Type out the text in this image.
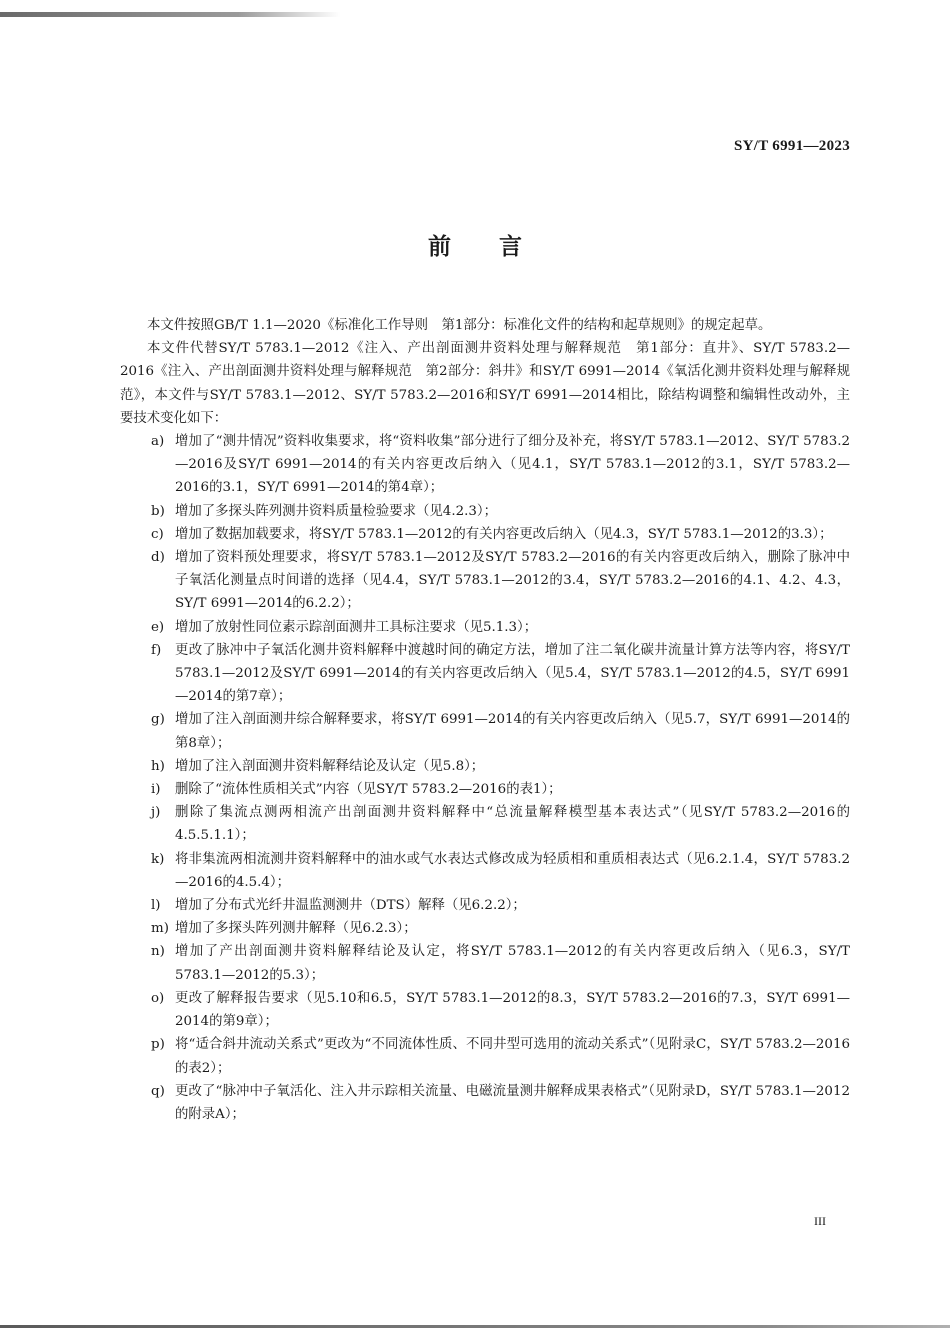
SY/T 6991—2023
前言

本文件按照GB/T 1.1—2020《标准化工作导则　第1部分：标准化文件的结构和起草规则》的规定起草。

本文件代替SY/T 5783.1—2012《注入、产出剖面测井资料处理与解释规范　第1部分：直井》、SY/T 5783.2—2016《注入、产出剖面测井资料处理与解释规范　第2部分：斜井》和SY/T 6991—2014《氧活化测井资料处理与解释规范》，本文件与SY/T 5783.1—2012、SY/T 5783.2—2016和SY/T 6991—2014相比，除结构调整和编辑性改动外，主要技术变化如下：

a) 增加了“测井情况”资料收集要求，将“资料收集”部分进行了细分及补充，将SY/T 5783.1—2012、SY/T 5783.2—2016及SY/T 6991—2014的有关内容更改后纳入（见4.1，SY/T 5783.1—2012的3.1，SY/T 5783.2—2016的3.1，SY/T 6991—2014的第4章）；
b) 增加了多探头阵列测井资料质量检验要求（见4.2.3）；
c) 增加了数据加载要求，将SY/T 5783.1—2012的有关内容更改后纳入（见4.3，SY/T 5783.1—2012的3.3）；
d) 增加了资料预处理要求，将SY/T 5783.1—2012及SY/T 5783.2—2016的有关内容更改后纳入，删除了脉冲中子氧活化测量点时间谱的选择（见4.4，SY/T 5783.1—2012的3.4，SY/T 5783.2—2016的4.1、4.2、4.3，SY/T 6991—2014的6.2.2）；
e) 增加了放射性同位素示踪剖面测井工具标注要求（见5.1.3）；
f) 更改了脉冲中子氧活化测井资料解释中渡越时间的确定方法，增加了注二氧化碳井流量计算方法等内容，将SY/T 5783.1—2012及SY/T 6991—2014的有关内容更改后纳入（见5.4，SY/T 5783.1—2012的4.5，SY/T 6991—2014的第7章）；
g) 增加了注入剖面测井综合解释要求，将SY/T 6991—2014的有关内容更改后纳入（见5.7，SY/T 6991—2014的第8章）；
h) 增加了注入剖面测井资料解释结论及认定（见5.8）；
i) 删除了“流体性质相关式”内容（见SY/T 5783.2—2016的表1）；
j) 删除了集流点测两相流产出剖面测井资料解释中“总流量解释模型基本表达式”（见SY/T 5783.2—2016的4.5.5.1.1）；
k) 将非集流两相流测井资料解释中的油水或气水表达式修改成为轻质相和重质相表达式（见6.2.1.4，SY/T 5783.2—2016的4.5.4）；
l) 增加了分布式光纤井温监测测井（DTS）解释（见6.2.2）；
m) 增加了多探头阵列测井解释（见6.2.3）；
n) 增加了产出剖面测井资料解释结论及认定，将SY/T 5783.1—2012的有关内容更改后纳入（见6.3，SY/T 5783.1—2012的5.3）；
o) 更改了解释报告要求（见5.10和6.5，SY/T 5783.1—2012的8.3，SY/T 5783.2—2016的7.3，SY/T 6991—2014的第9章）；
p) 将“适合斜井流动关系式”更改为“不同流体性质、不同井型可选用的流动关系式”（见附录C，SY/T 5783.2—2016的表2）；
q) 更改了“脉冲中子氧活化、注入井示踪相关流量、电磁流量测井解释成果表格式”（见附录D，SY/T 5783.1—2012的附录A）；
III
